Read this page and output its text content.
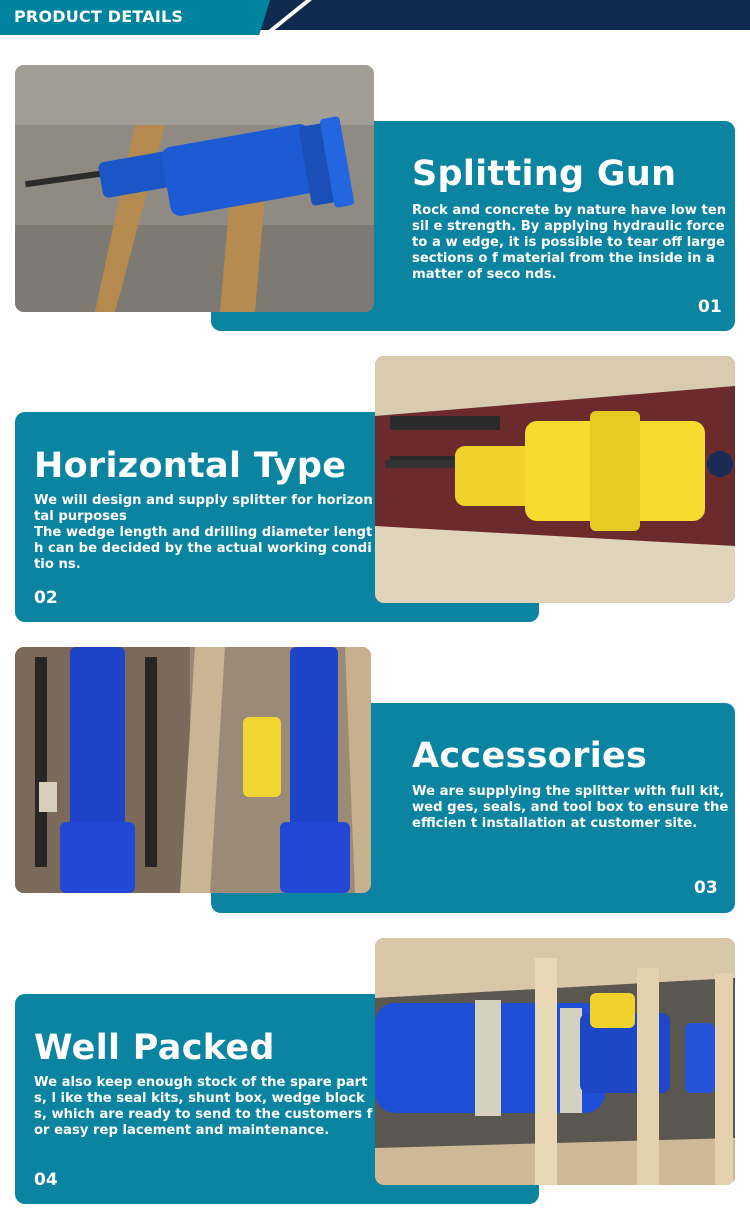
PRODUCT DETAILS
Splitting Gun

Rock and concrete by nature have low tensil e strength. By applying hydraulic force to a w edge, it is possible to tear off large sections o f material from the inside in a matter of seco nds.

01
Horizontal Type

We will design and supply splitter for horizontal purposes
The wedge length and drilling diameter length can be decided by the actual working conditio ns.

02
Accessories

We are supplying the splitter with full kit, wed ges, seals, and tool box to ensure the efficien t installation at customer site.

03
Well Packed

We also keep enough stock of the spare parts, l ike the seal kits, shunt box, wedge blocks, which are ready to send to the customers for easy rep lacement and maintenance.

04
